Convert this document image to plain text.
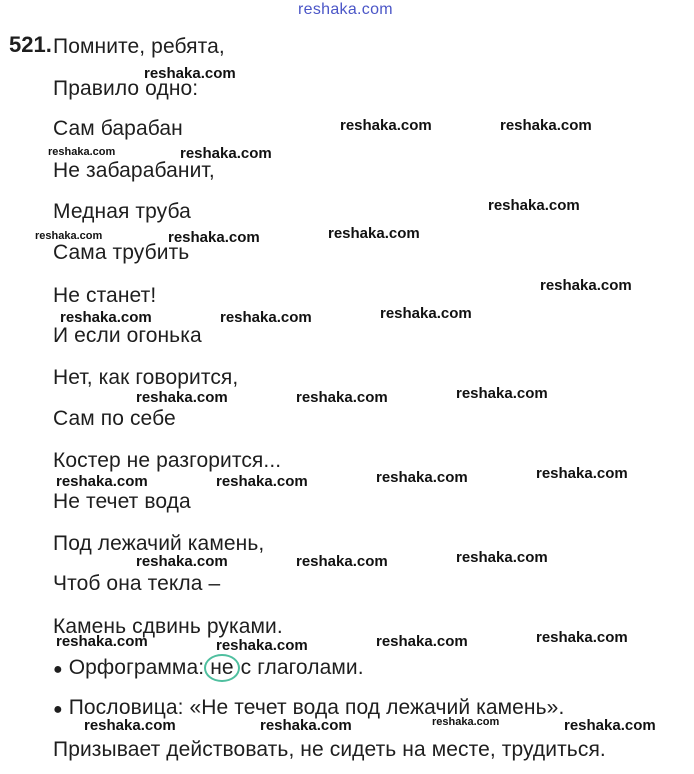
reshaka.com
521. Помните, ребята,
Правило одно:
Сам барабан
Не забарабанит,
Медная труба
Сама трубить
Не станет!
И если огонька
Нет, как говорится,
Сам по себе
Костер не разгорится...
Не течет вода
Под лежачий камень,
Чтоб она текла –
Камень сдвинь руками.
● Орфограмма: не с глаголами.
● Пословица: «Не течет вода под лежачий камень».
Призывает действовать, не сидеть на месте, трудиться.
reshaka.com
reshaka.com	reshaka.com
reshaka.com	reshaka.com
reshaka.com
reshaka.com	reshaka.com	reshaka.com
reshaka.com
reshaka.com	reshaka.com	reshaka.com
reshaka.com	reshaka.com	reshaka.com
reshaka.com
reshaka.com	reshaka.com	reshaka.com
reshaka.com	reshaka.com	reshaka.com
reshaka.com	reshaka.com	reshaka.com	reshaka.com
reshaka.com	reshaka.com	reshaka.com	reshaka.com
